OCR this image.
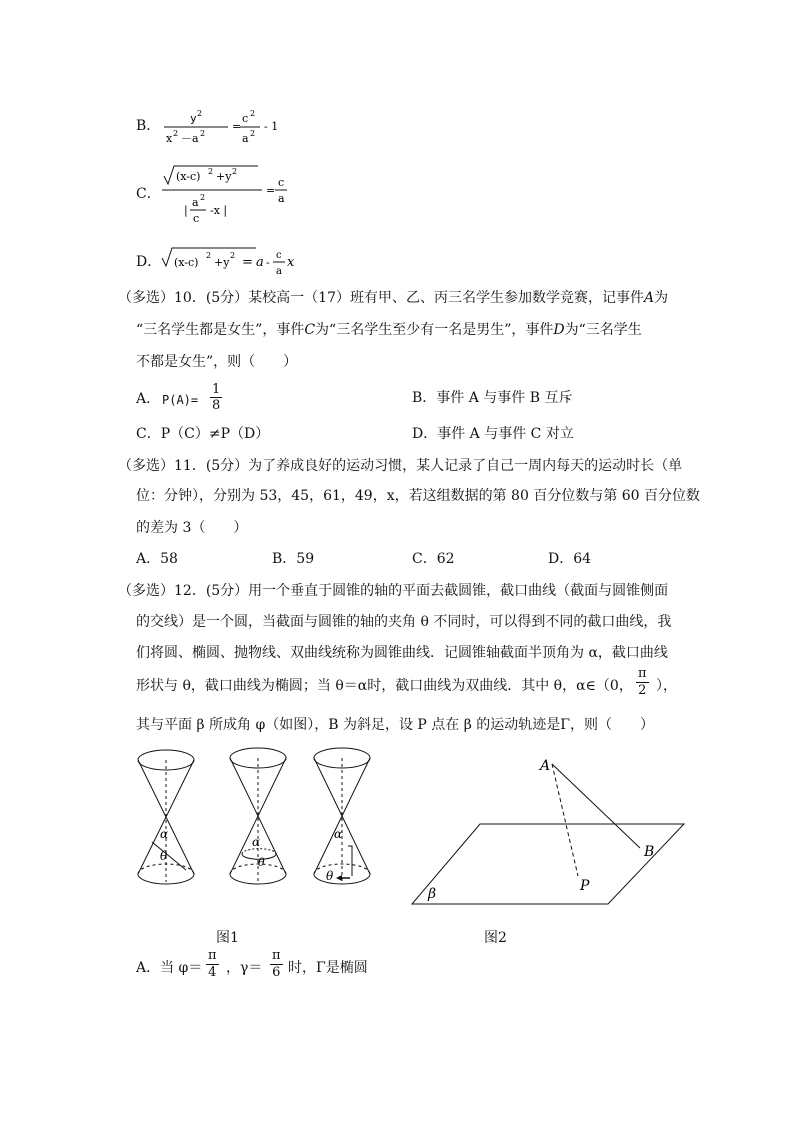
B．	y 2
x 2 －a 2
=
c 2
a 2
- 1
C．
(x-c) 2 +y 2
|
a 2
c
-x |
=
c
a
D． (x-c)
2
+y
2 = a -
c
a
x
（多选）10．(5分）某校高一（17）班有甲、乙、丙三名学生参加数学竞赛，记事件A为
“三名学生都是女生”，事件C为“三名学生至少有一名是男生”，事件D为“三名学生
不都是女生”，则（　　）
A． $P(A)= \frac{1}{8}$	B．事件 A 与事件 B 互斥
C．P（C）≠P（D）	D．事件 A 与事件 C 对立
（多选）11．(5分）为了养成良好的运动习惯，某人记录了自己一周内每天的运动时长（单
位：分钟），分别为 53，45，61，49，x，若这组数据的第 80 百分位数与第 60 百分位数
的差为 3（　　）
A．58	B．59	C．62	D．64
（多选）12．(5分）用一个垂直于圆锥的轴的平面去截圆锥，截口曲线（截面与圆锥侧面
的交线）是一个圆，当截面与圆锥的轴的夹角 θ 不同时，可以得到不同的截口曲线，我
们将圆、椭圆、抛物线、双曲线统称为圆锥曲线．记圆锥轴截面半顶角为 α，截口曲线
形状与 θ，截口曲线为椭圆；当 θ＝α时，截口曲线为双曲线．其中 θ，α∈（0， $\frac{\pi}{2}$ ），
其与平面 β 所成角 φ（如图），B 为斜足，设 P 点在 β 的运动轨迹是Γ，则（　　）
α
θ
α
θ
α
θ
A
B
P
β
图1	图2
A．当 $\varphi= \frac{\pi}{4}$ ，$\gamma= \frac{\pi}{6}$ 时，Γ是椭圆
